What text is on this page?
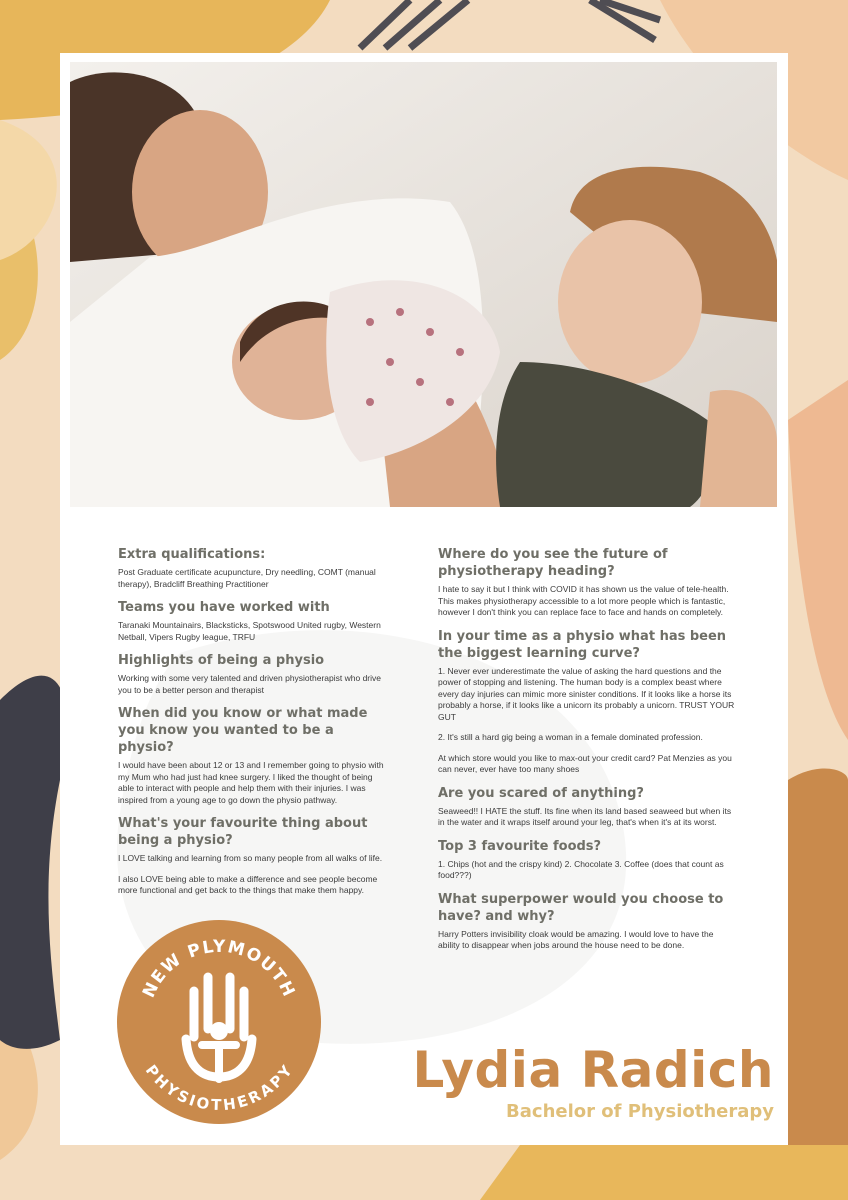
Extra qualifications:

Post Graduate certificate acupuncture, Dry needling, COMT (manual therapy), Bradcliff Breathing Practitioner

Teams you have worked with

Taranaki Mountainairs, Blacksticks, Spotswood United rugby, Western Netball, Vipers Rugby league, TRFU

Highlights of being a physio

Working with some very talented and driven physiotherapist who drive you to be a better person and therapist

When did you know or what made you know you wanted to be a physio?

I would have been about 12 or 13 and I remember going to physio with my Mum who had just had knee surgery. I liked the thought of being able to interact with people and help them with their injuries. I was inspired from a young age to go down the physio pathway.

What's your favourite thing about being a physio?

I LOVE talking and learning from so many people from all walks of life.

I also LOVE being able to make a difference and see people become more functional and get back to the things that make them happy.

Where do you see the future of physiotherapy heading?

I hate to say it but I think with COVID it has shown us the value of tele-health. This makes physiotherapy accessible to a lot more people which is fantastic, however I don't think you can replace face to face and hands on completely.

In your time as a physio what has been the biggest learning curve?

1. Never ever underestimate the value of asking the hard questions and the power of stopping and listening. The human body is a complex beast where every day injuries can mimic more sinister conditions. If it looks like a horse its probably a horse, if it looks like a unicorn its probably a unicorn. TRUST YOUR GUT

2. It's still a hard gig being a woman in a female dominated profession.

At which store would you like to max-out your credit card? Pat Menzies as you can never, ever have too many shoes

Are you scared of anything?

Seaweed!! I HATE the stuff. Its fine when its land based seaweed but when its in the water and it wraps itself around your leg, that's when it's at its worst.

Top 3 favourite foods?

1. Chips (hot and the crispy kind) 2. Chocolate 3. Coffee (does that count as food???)

What superpower would you choose to have? and why?

Harry Potters invisibility cloak would be amazing. I would love to have the ability to disappear when jobs around the house need to be done.

NEW PLYMOUTH
PHYSIOTHERAPY Lydia Radich
Bachelor of Physiotherapy
